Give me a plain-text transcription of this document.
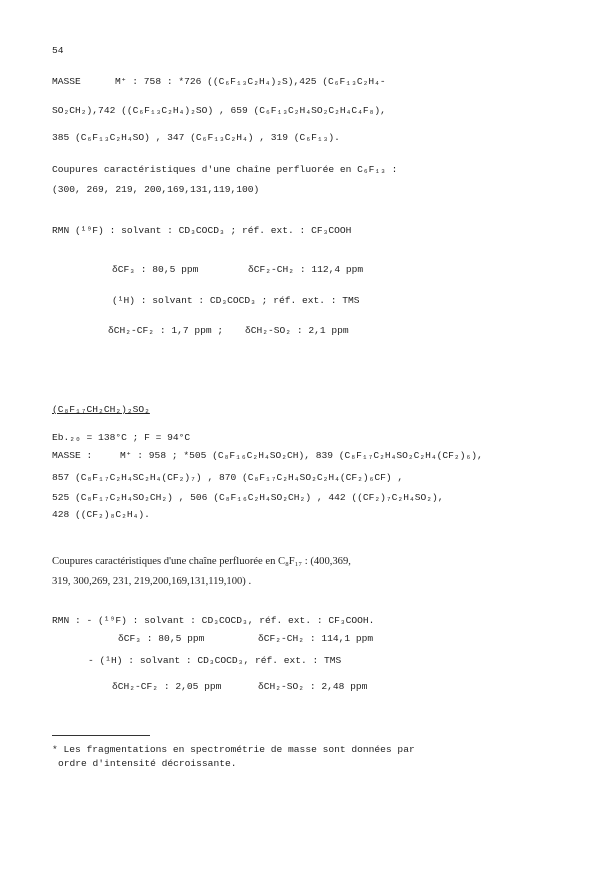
54
MASSE	M⁺ : 758 : *726 ((C₆F₁₃C₂H₄)₂S),425 (C₆F₁₃C₂H₄-
SO₂CH₂),742 ((C₆F₁₃C₂H₄)₂SO) , 659 (C₆F₁₃C₂H₄SO₂C₂H₄C₄F₈),
385 (C₆F₁₃C₂H₄SO) , 347 (C₆F₁₃C₂H₄) , 319 (C₆F₁₃).
Coupures caractéristiques d'une chaîne perfluorée en C₆F₁₃ :
(300, 269, 219, 200,169,131,119,100)
RMN (¹⁹F) : solvant : CD₃COCD₃ ; réf. ext. : CF₃COOH
δCF₃ : 80,5 ppm	δCF₂-CH₂ : 112,4 ppm
(¹H) : solvant : CD₃COCD₃ ; réf. ext. : TMS
δCH₂-CF₂ : 1,7 ppm ; δCH₂-SO₂ : 2,1 ppm
(C₈F₁₇CH₂CH₂)₂SO₂
Eb.₂₀ = 138°C ; F = 94°C
MASSE :	M⁺ : 958 ; *505 (C₈F₁₆C₂H₄SO₂CH), 839 (C₈F₁₇C₂H₄SO₂C₂H₄(CF₂)₆),
857 (C₈F₁₇C₂H₄SC₂H₄(CF₂)₇) , 870 (C₈F₁₇C₂H₄SO₂C₂H₄(CF₂)₆CF) ,
525 (C₈F₁₇C₂H₄SO₂CH₂) , 506 (C₈F₁₆C₂H₄SO₂CH₂) , 442 ((CF₂)₇C₂H₄SO₂),
428 ((CF₂)₈C₂H₄).
Coupures caractéristiques d'une chaîne perfluorée en C₈F₁₇ : (400,369,
319, 300,269, 231, 219,200,169,131,119,100) .
RMN : - (¹⁹F) : solvant : CD₃COCD₃, réf. ext. : CF₃COOH.
δCF₃ : 80,5 ppm	δCF₂-CH₂ : 114,1 ppm
- (¹H) : solvant : CD₃COCD₃, réf. ext. : TMS
δCH₂-CF₂ : 2,05 ppm	δCH₂-SO₂ : 2,48 ppm
* Les fragmentations en spectrométrie de masse sont données par
ordre d'intensité décroissante.
